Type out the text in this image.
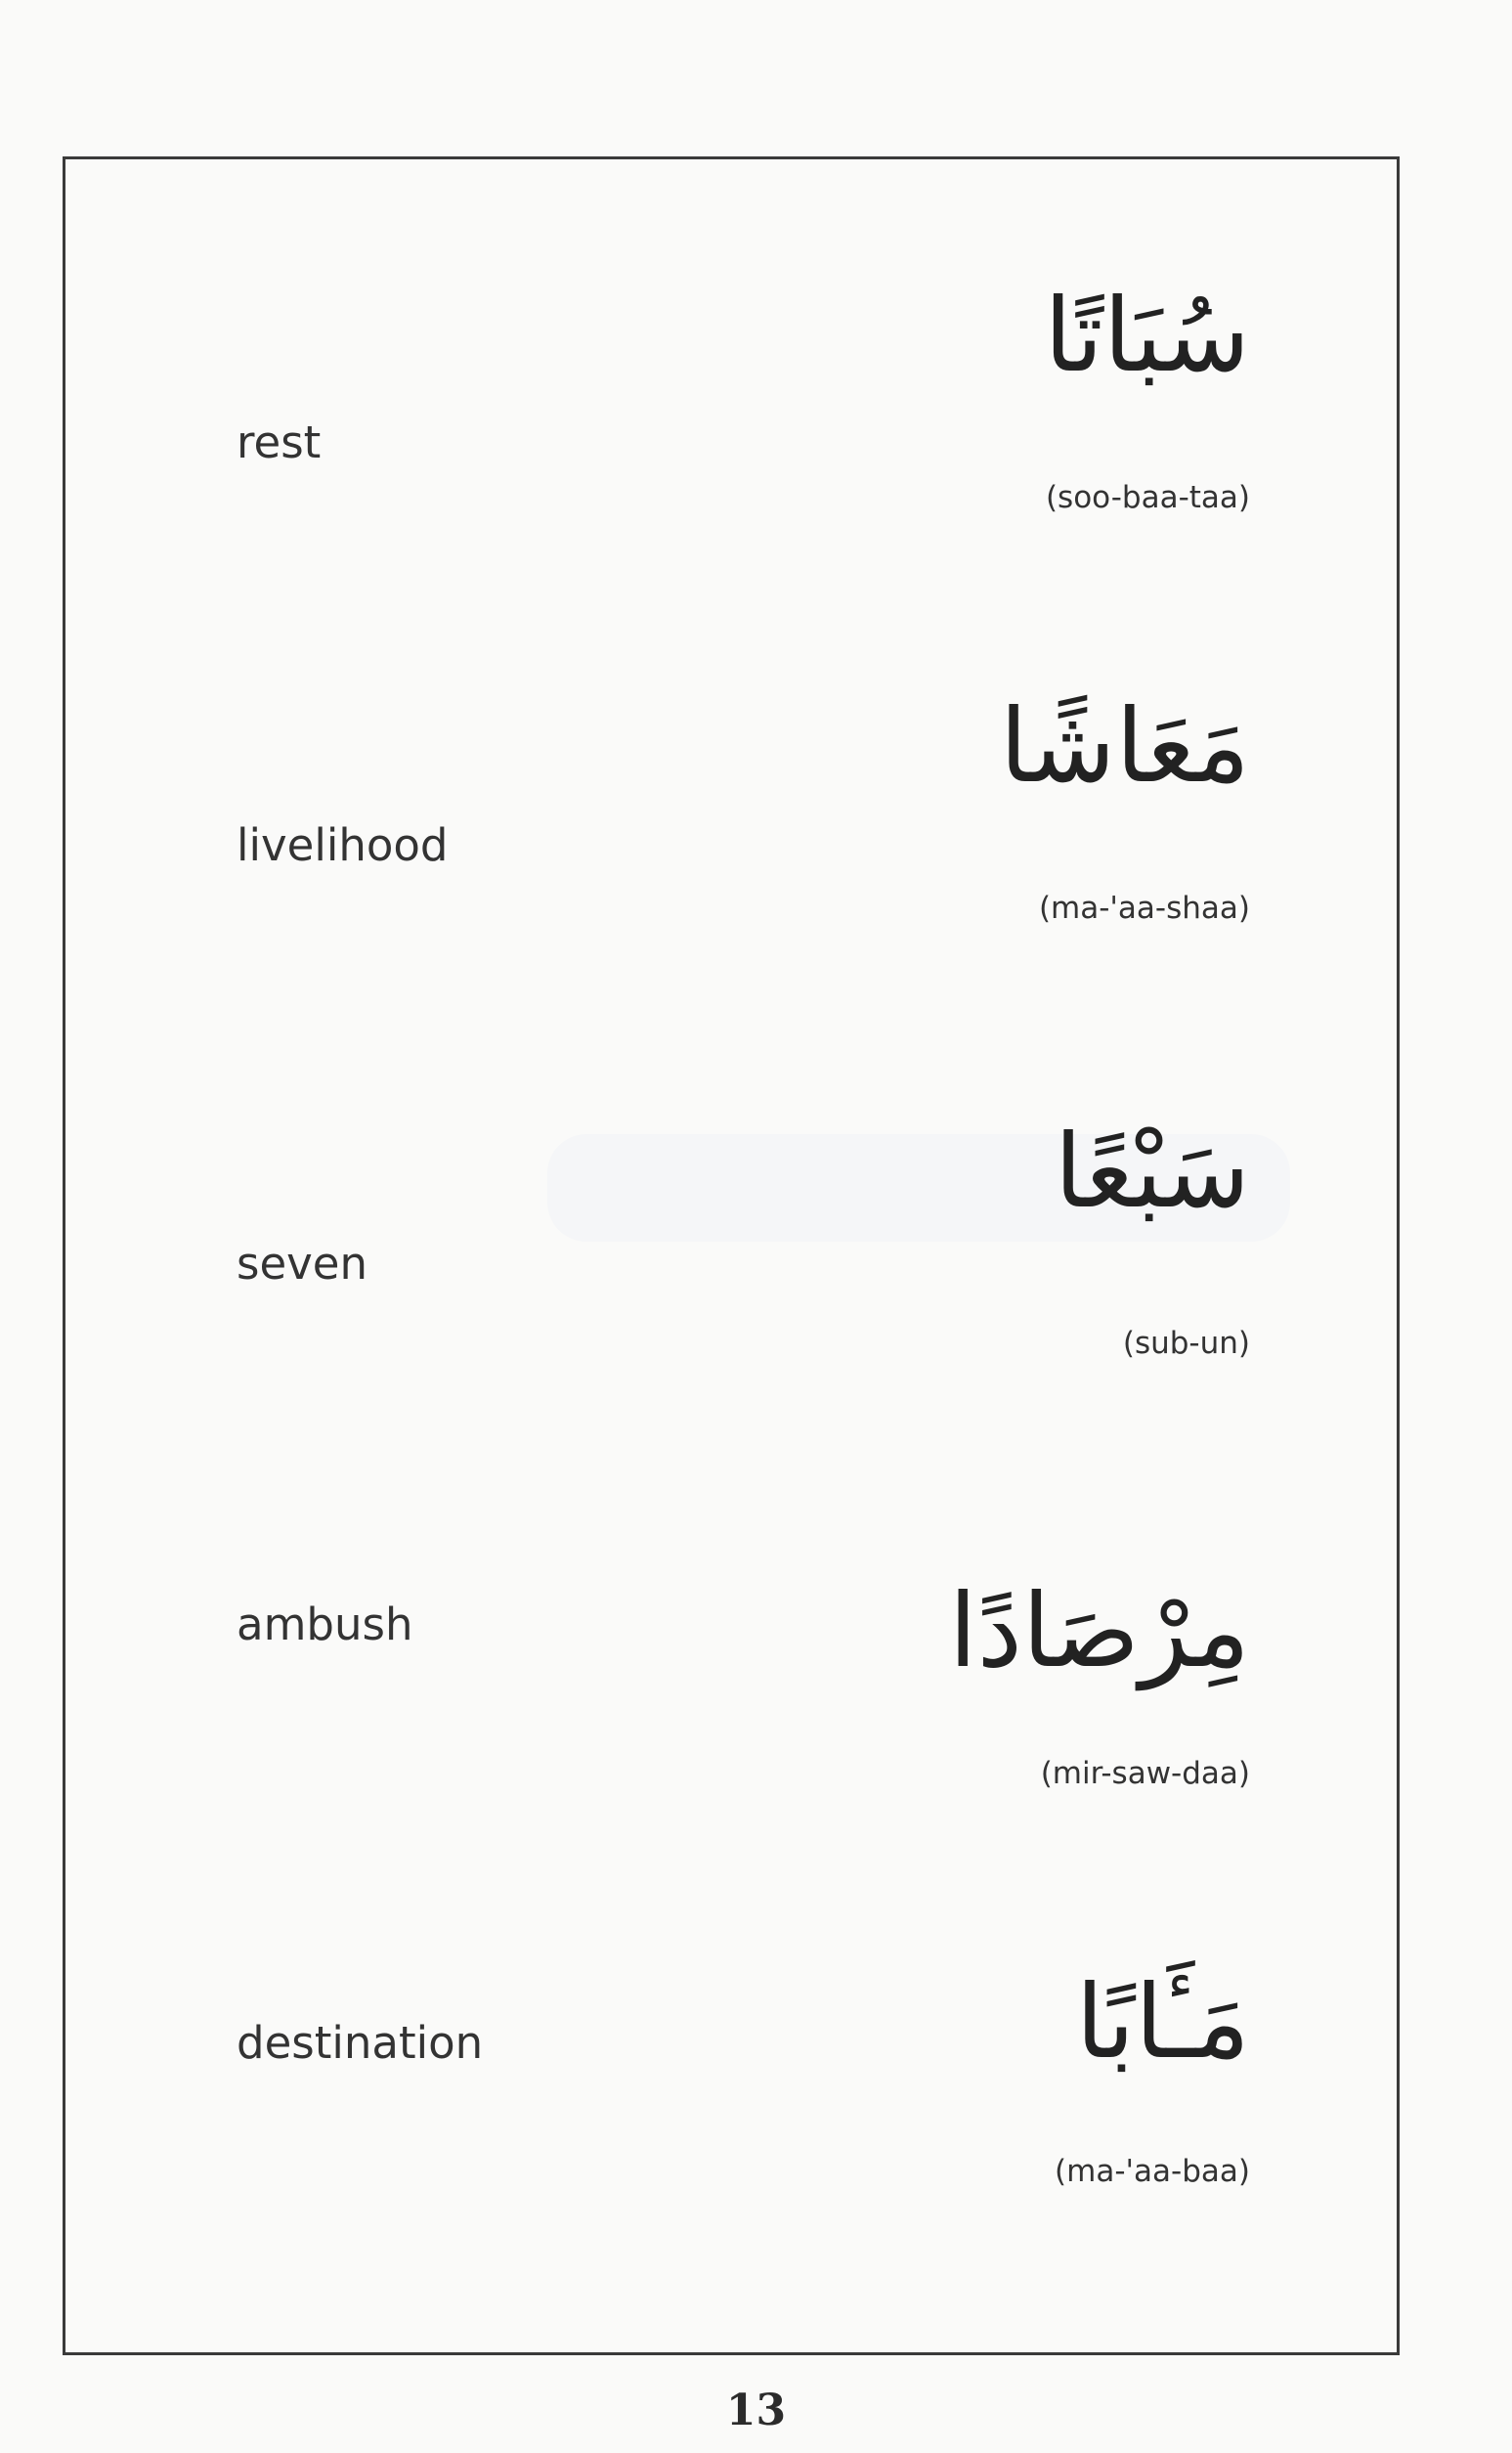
سُبَاتًا
rest
(soo-baa-taa)
مَعَاشًا
livelihood
(ma-'aa-shaa)
سَبْعًا
seven
(sub-un)
مِرْصَادًا
ambush
(mir-saw-daa)
مَـَٔابًا
destination
(ma-'aa-baa)
13
